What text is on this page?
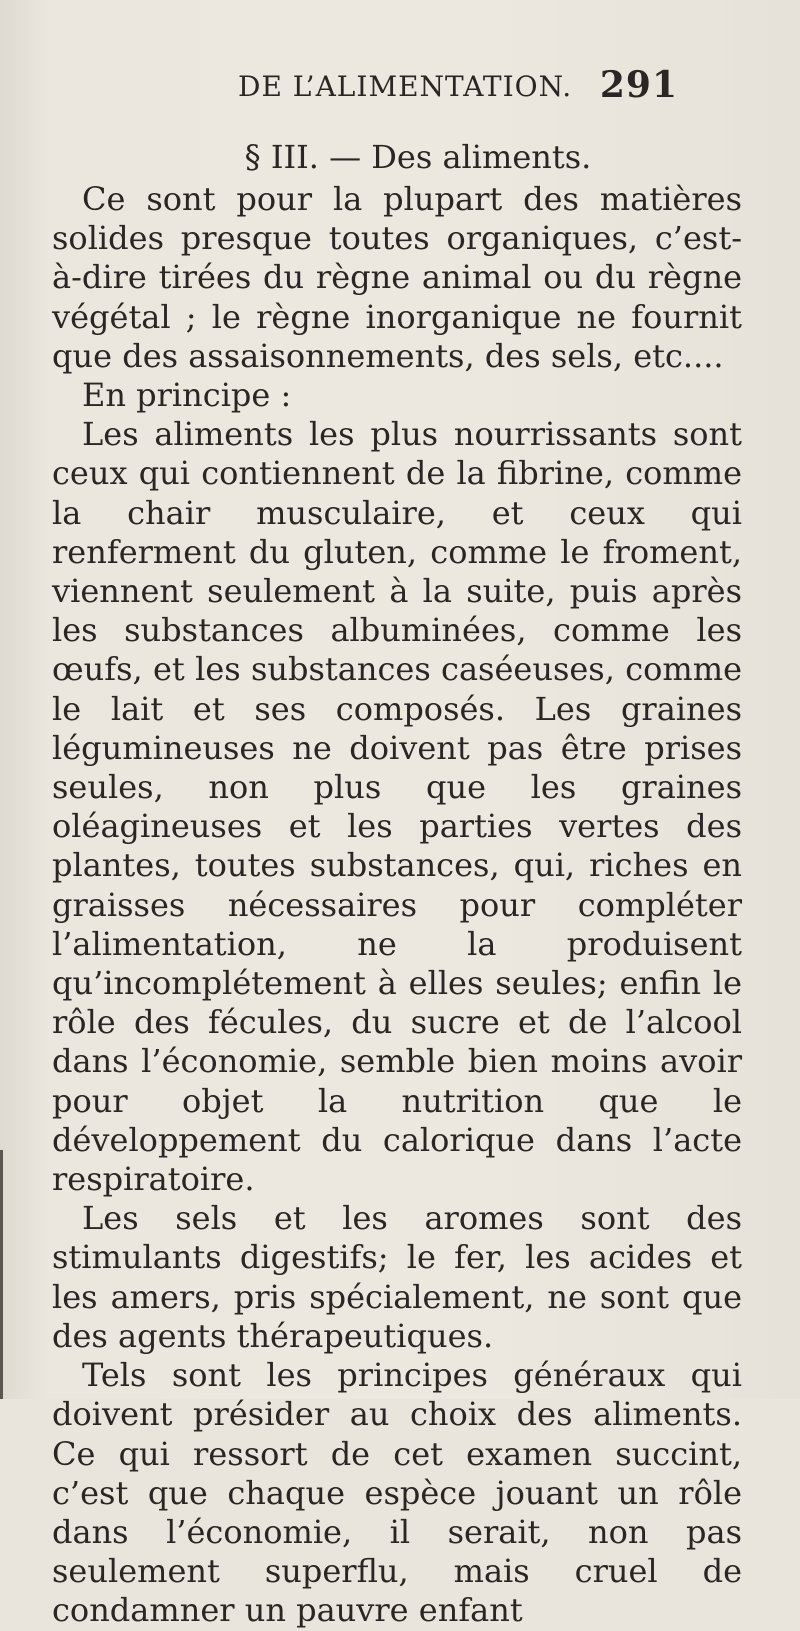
DE L’ALIMENTATION. 291
§ III. — Des aliments.

Ce sont pour la plupart des matières solides presque toutes organiques, c’est-à-dire tirées du règne animal ou du règne végétal ; le règne inorganique ne fournit que des assaisonnements, des sels, etc....

En principe :

Les aliments les plus nourrissants sont ceux qui contiennent de la fibrine, comme la chair musculaire, et ceux qui renferment du gluten, comme le froment, viennent seulement à la suite, puis après les substances albuminées, comme les œufs, et les substances caséeuses, comme le lait et ses composés. Les graines légumineuses ne doivent pas être prises seules, non plus que les graines oléagineuses et les parties vertes des plantes, toutes substances, qui, riches en graisses nécessaires pour compléter l’alimentation, ne la produisent qu’incomplétement à elles seules; enfin le rôle des fécules, du sucre et de l’alcool dans l’économie, semble bien moins avoir pour objet la nutrition que le développement du calorique dans l’acte respiratoire.

Les sels et les aromes sont des stimulants digestifs; le fer, les acides et les amers, pris spécialement, ne sont que des agents thérapeutiques.

Tels sont les principes généraux qui doivent présider au choix des aliments. Ce qui ressort de cet examen succint, c’est que chaque espèce jouant un rôle dans l’économie, il serait, non pas seulement superflu, mais cruel de condamner un pauvre enfant
